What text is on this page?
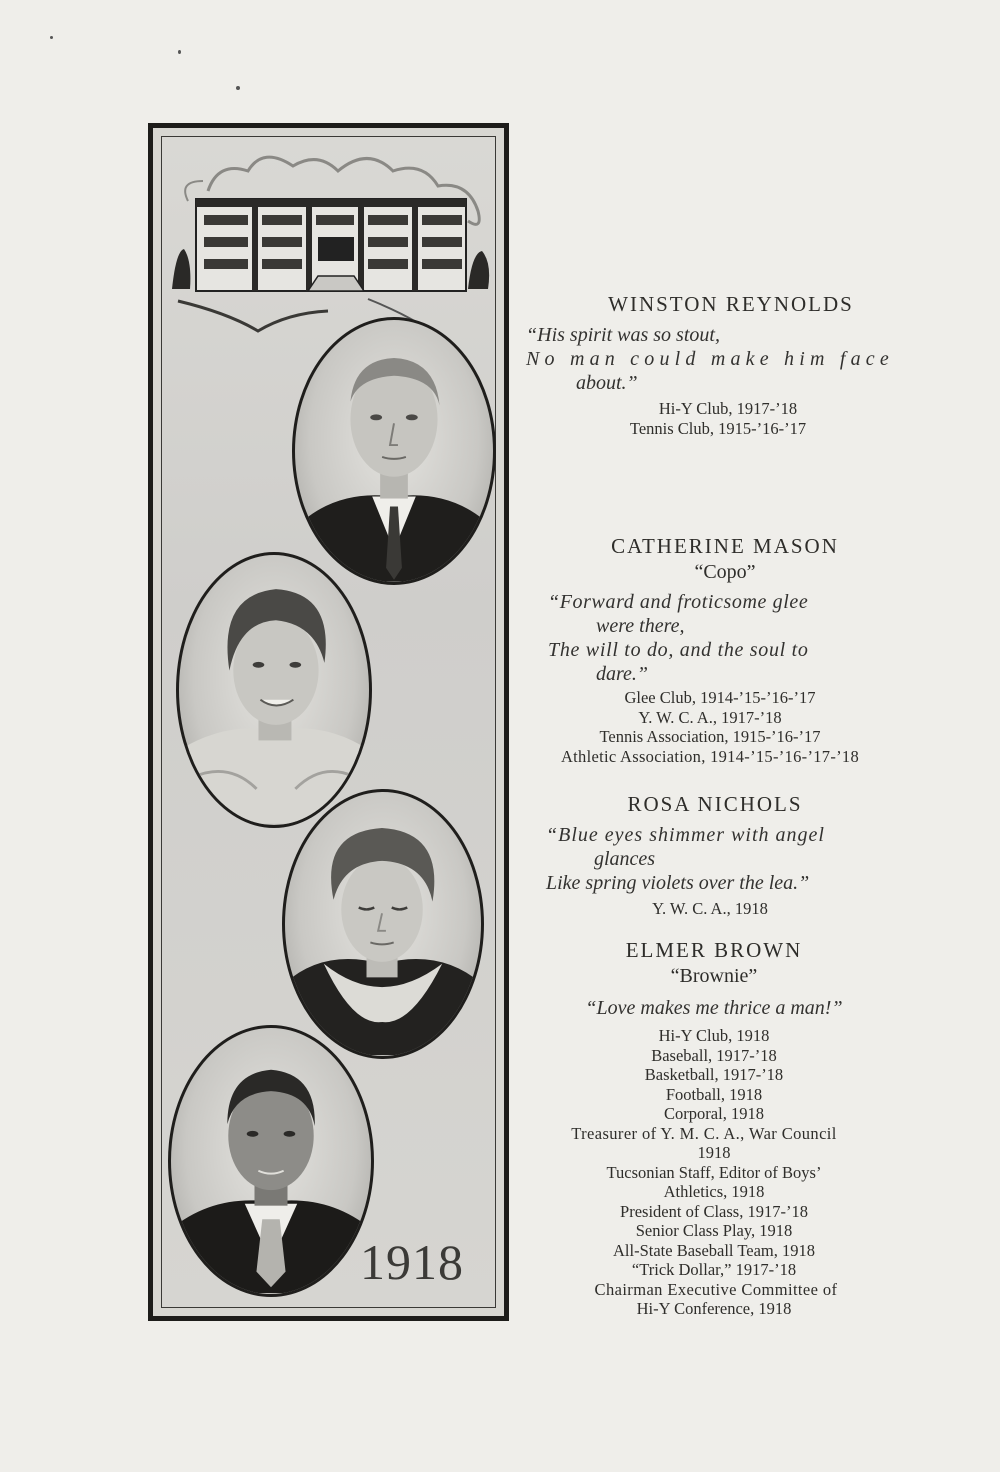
1918
WINSTON REYNOLDS
“His spirit was so stout,
No man could make him face
about.”
Hi-Y Club, 1917-’18
Tennis Club, 1915-’16-’17
CATHERINE MASON
“Copo”
“Forward and froticsome glee
were there,
The will to do, and the soul to
dare.”
Glee Club, 1914-’15-’16-’17
Y. W. C. A., 1917-’18
Tennis Association, 1915-’16-’17
Athletic Association, 1914-’15-’16-’17-’18
ROSA NICHOLS
“Blue eyes shimmer with angel
glances
Like spring violets over the lea.”
Y. W. C. A., 1918
ELMER BROWN
“Brownie”
“Love makes me thrice a man!”
Hi-Y Club, 1918
Baseball, 1917-’18
Basketball, 1917-’18
Football, 1918
Corporal, 1918
Treasurer of Y. M. C. A., War Council
1918
Tucsonian Staff, Editor of Boys’
Athletics, 1918
President of Class, 1917-’18
Senior Class Play, 1918
All-State Baseball Team, 1918
“Trick Dollar,” 1917-’18
Chairman Executive Committee of
Hi-Y Conference, 1918
